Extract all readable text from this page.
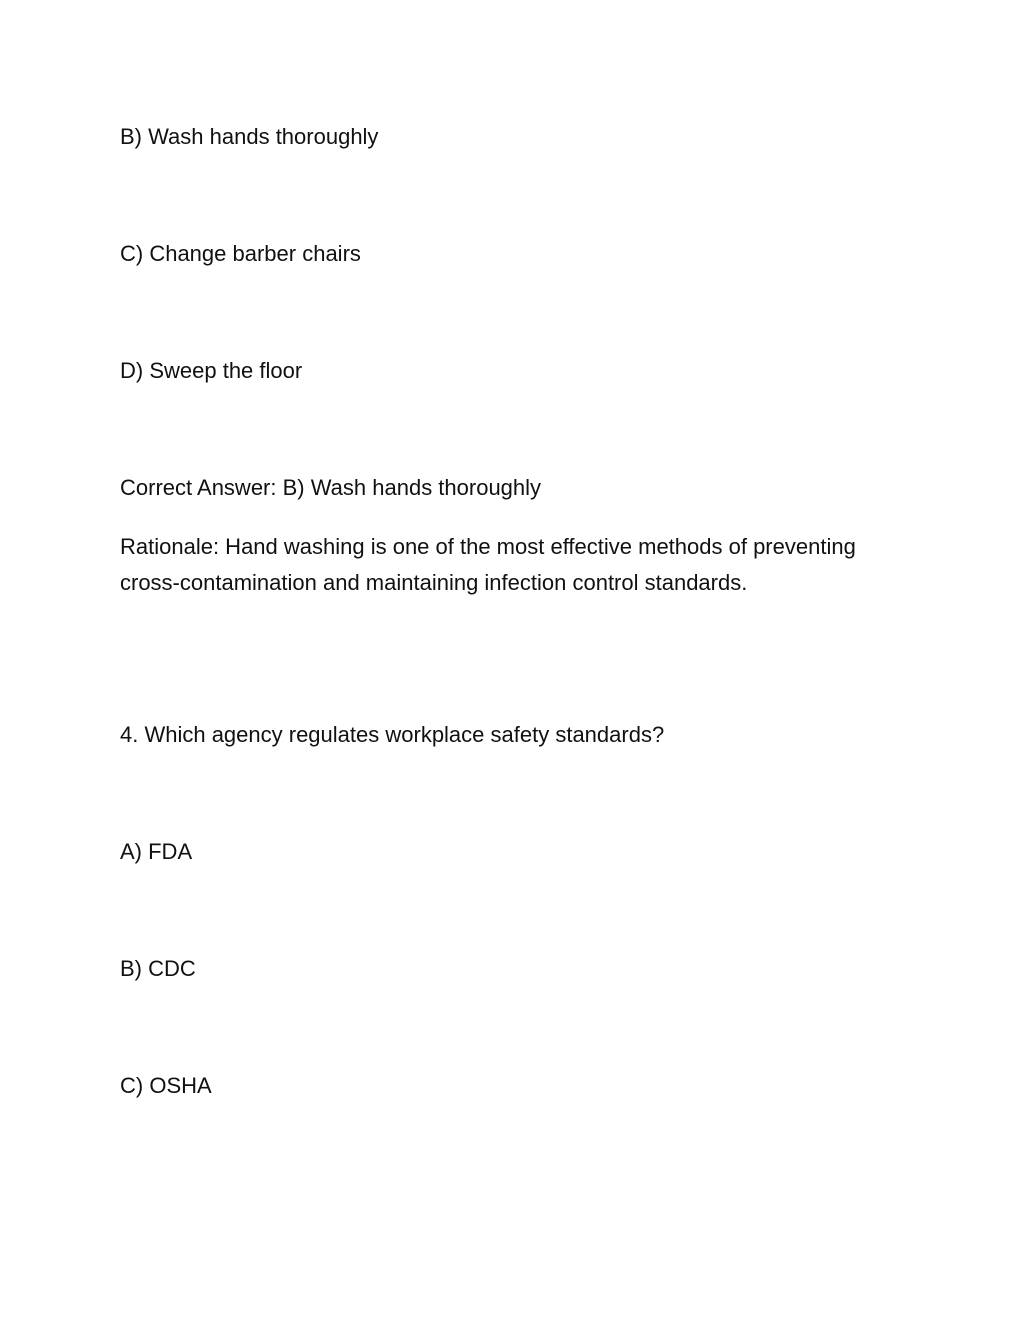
B) Wash hands thoroughly

C) Change barber chairs

D) Sweep the floor

Correct Answer: B) Wash hands thoroughly

Rationale: Hand washing is one of the most effective methods of preventing cross-contamination and maintaining infection control standards.

4. Which agency regulates workplace safety standards?

A) FDA

B) CDC

C) OSHA
